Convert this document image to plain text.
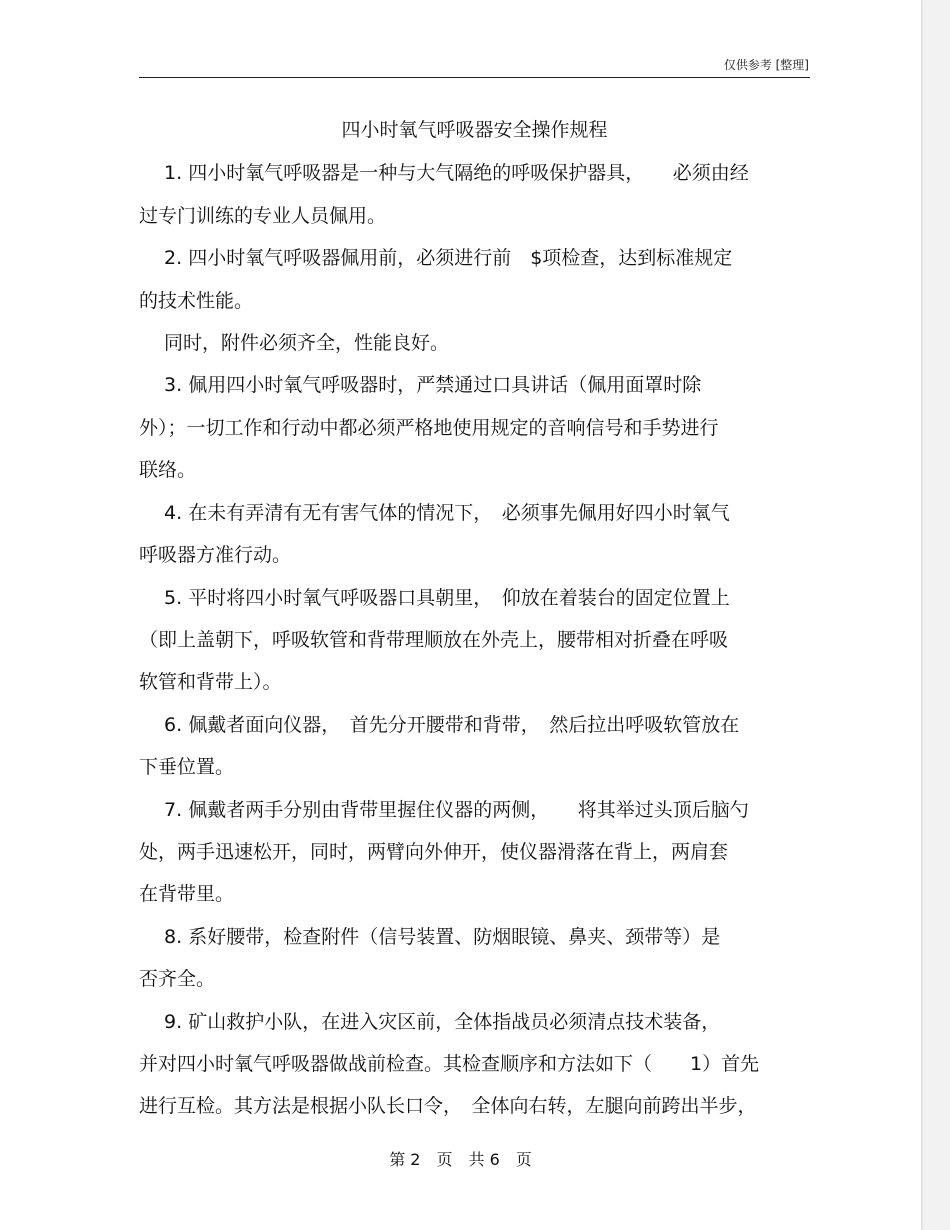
仅供参考 [整理]
四小时氧气呼吸器安全操作规程

　 1. 四小时氧气呼吸器是一种与大气隔绝的呼吸保护器具，　　必须由经

过专门训练的专业人员佩用。

　 2. 四小时氧气呼吸器佩用前，必须进行前　$项检查，达到标准规定

的技术性能。

　 同时，附件必须齐全，性能良好。

　 3. 佩用四小时氧气呼吸器时，严禁通过口具讲话（佩用面罩时除

外）；一切工作和行动中都必须严格地使用规定的音响信号和手势进行

联络。

　 4. 在未有弄清有无有害气体的情况下，　必须事先佩用好四小时氧气

呼吸器方准行动。

　 5. 平时将四小时氧气呼吸器口具朝里，　仰放在着装台的固定位置上

（即上盖朝下，呼吸软管和背带理顺放在外壳上，腰带相对折叠在呼吸

软管和背带上）。

　 6. 佩戴者面向仪器，　首先分开腰带和背带，　然后拉出呼吸软管放在

下垂位置。

　 7. 佩戴者两手分别由背带里握住仪器的两侧，　　将其举过头顶后脑勺

处，两手迅速松开，同时，两臂向外伸开，使仪器滑落在背上，两肩套

在背带里。

　 8. 系好腰带，检查附件（信号装置、防烟眼镜、鼻夹、颈带等）是

否齐全。

　 9. 矿山救护小队，在进入灾区前，全体指战员必须清点技术装备，

并对四小时氧气呼吸器做战前检查。其检查顺序和方法如下（　　1）首先

进行互检。其方法是根据小队长口令，　全体向右转，左腿向前跨出半步，

第 2　页　共 6　页
